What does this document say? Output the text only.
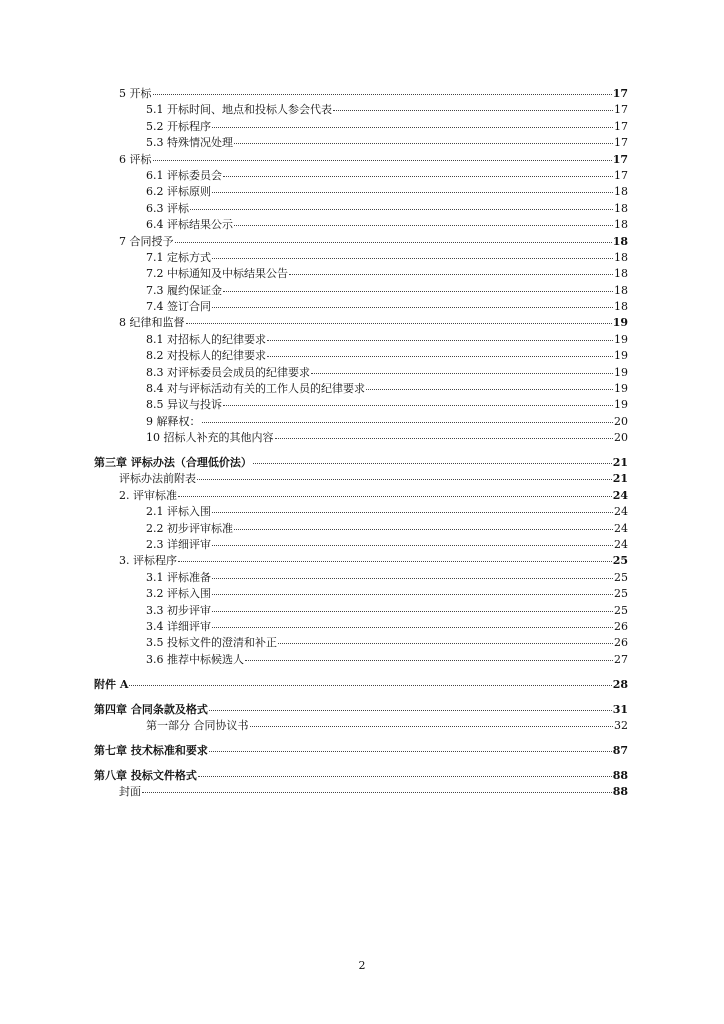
5 开标	17
5.1 开标时间、地点和投标人参会代表	17
5.2 开标程序	17
5.3 特殊情况处理	17
6 评标	17
6.1 评标委员会	17
6.2 评标原则	18
6.3 评标	18
6.4 评标结果公示	18
7 合同授予	18
7.1 定标方式	18
7.2 中标通知及中标结果公告	18
7.3 履约保证金	18
7.4 签订合同	18
8 纪律和监督	19
8.1 对招标人的纪律要求	19
8.2 对投标人的纪律要求	19
8.3 对评标委员会成员的纪律要求	19
8.4 对与评标活动有关的工作人员的纪律要求	19
8.5 异议与投诉	19
9 解释权：	20
10 招标人补充的其他内容	20
第三章 评标办法（合理低价法）	21
评标办法前附表	21
2. 评审标准	24
2.1 评标入围	24
2.2 初步评审标准	24
2.3 详细评审	24
3. 评标程序	25
3.1 评标准备	25
3.2 评标入围	25
3.3 初步评审	25
3.4 详细评审	26
3.5 投标文件的澄清和补正	26
3.6 推荐中标候选人	27
附件 A	28
第四章 合同条款及格式	31
第一部分 合同协议书	32
第七章 技术标准和要求	87
第八章 投标文件格式	88
封面	88
2
